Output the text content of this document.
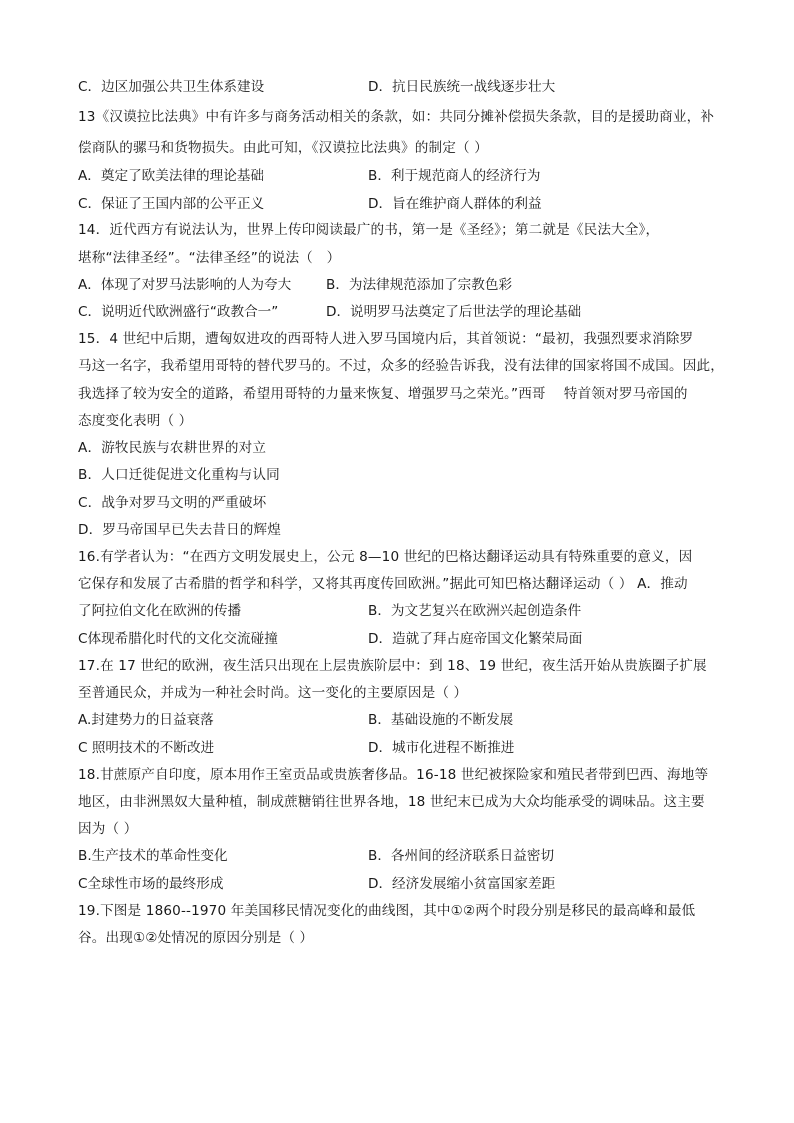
C．边区加强公共卫生体系建设	D．抗日民族统一战线逐步壮大
13《汉谟拉比法典》中有许多与商务活动相关的条款，如：共同分摊补偿损失条款，目的是援助商业，补
偿商队的骡马和货物损失。由此可知，《汉谟拉比法典》的制定（ ）
A．奠定了欧美法律的理论基础	B．利于规范商人的经济行为
C．保证了王国内部的公平正义	D．旨在维护商人群体的利益
14．近代西方有说法认为，世界上传印阅读最广的书，第一是《圣经》；第二就是《民法大全》，
堪称“法律圣经”。“法律圣经”的说法（　）
A．体现了对罗马法影响的人为夸大	B．为法律规范添加了宗教色彩
C．说明近代欧洲盛行“政教合一”	D．说明罗马法奠定了后世法学的理论基础
15．4 世纪中后期，遭匈奴进攻的西哥特人进入罗马国境内后，其首领说：“最初，我强烈要求消除罗
马这一名字，我希望用哥特的替代罗马的。不过，众多的经验告诉我，没有法律的国家将国不成国。因此，
我选择了较为安全的道路，希望用哥特的力量来恢复、增强罗马之荣光。”西哥　 特首领对罗马帝国的
态度变化表明（ ）
A．游牧民族与农耕世界的对立
B．人口迁徙促进文化重构与认同
C．战争对罗马文明的严重破坏
D．罗马帝国早已失去昔日的辉煌
16.有学者认为：“在西方文明发展史上，公元 8—10 世纪的巴格达翻译运动具有特殊重要的意义，因
它保存和发展了古希腊的哲学和科学，又将其再度传回欧洲。”据此可知巴格达翻译运动（ ） A．推动
了阿拉伯文化在欧洲的传播	B．为文艺复兴在欧洲兴起创造条件
C体现希腊化时代的文化交流碰撞	D．造就了拜占庭帝国文化繁荣局面
17.在 17 世纪的欧洲，夜生活只出现在上层贵族阶层中：到 18、19 世纪，夜生活开始从贵族圈子扩展
至普通民众，并成为一种社会时尚。这一变化的主要原因是（ ）
A.封建势力的日益衰落	B．基础设施的不断发展
C 照明技术的不断改进	D．城市化进程不断推进
18.甘蔗原产自印度，原本用作王室贡品或贵族奢侈品。16-18 世纪被探险家和殖民者带到巴西、海地等
地区，由非洲黑奴大量种植，制成蔗糖销往世界各地，18 世纪末已成为大众均能承受的调味品。这主要
因为（ ）
B.生产技术的革命性变化	B．各州间的经济联系日益密切
C全球性市场的最终形成	D．经济发展缩小贫富国家差距
19.下图是 1860--1970 年美国移民情况变化的曲线图，其中①②两个时段分别是移民的最高峰和最低
谷。出现①②处情况的原因分别是（ ）
